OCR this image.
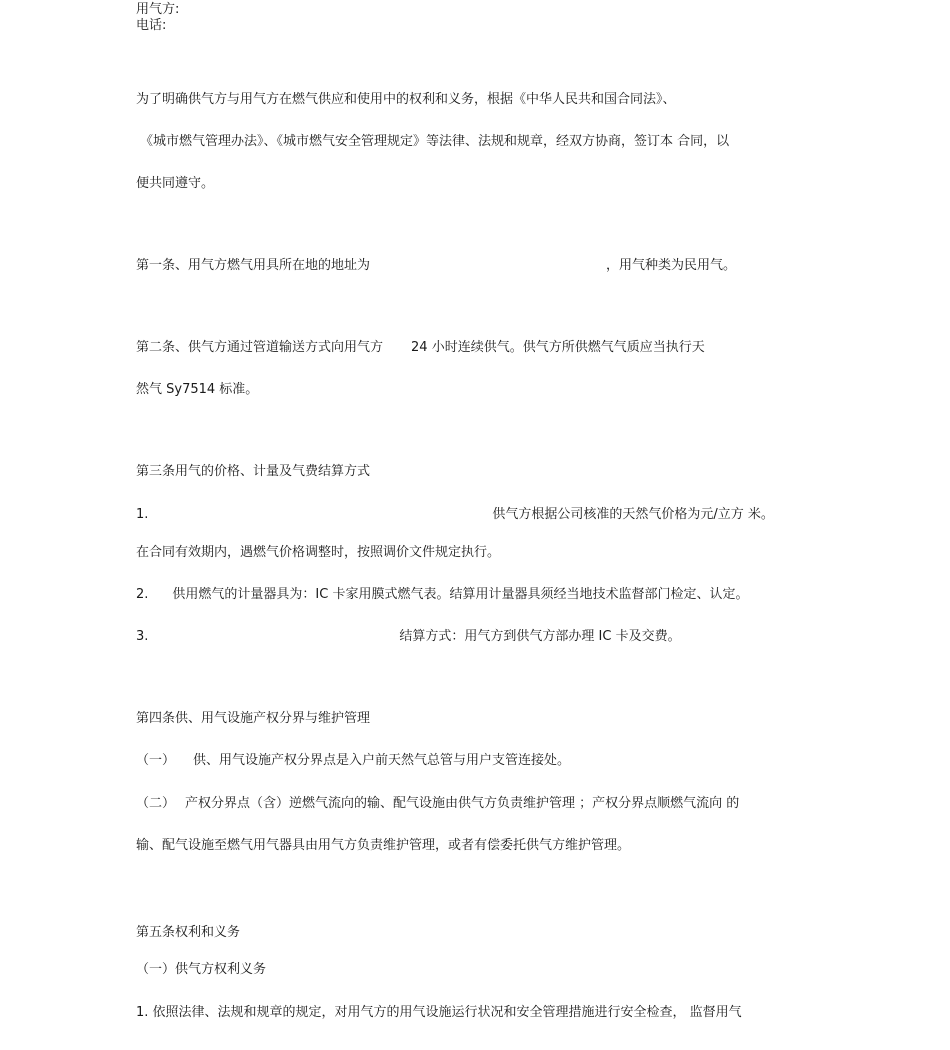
用气方:
电话:
为了明确供气方与用气方在燃气供应和使用中的权利和义务，根据《中华人民共和国合同法》、
《城市燃气管理办法》、《城市燃气安全管理规定》等法律、法规和规章，经双方协商，签订本 合同，以
便共同遵守。
第一条、用气方燃气用具所在地的地址为	，用气种类为民用气。
第二条、供气方通过管道输送方式向用气方 24 小时连续供气。供气方所供燃气气质应当执行天
然气 Sy7514 标准。
第三条用气的价格、计量及气费结算方式
1.	供气方根据公司核准的天然气价格为元/立方 米。
在合同有效期内，遇燃气价格调整时，按照调价文件规定执行。
2. 供用燃气的计量器具为：IC 卡家用膜式燃气表。结算用计量器具须经当地技术监督部门检定、认定。
3.	结算方式：用气方到供气方部办理 IC 卡及交费。
第四条供、用气设施产权分界与维护管理
（一） 供、用气设施产权分界点是入户前天然气总管与用户支管连接处。
（二） 产权分界点（含）逆燃气流向的输、配气设施由供气方负责维护管理 ；产权分界点顺燃气流向 的
输、配气设施至燃气用气器具由用气方负责维护管理，或者有偿委托供气方维护管理。
第五条权利和义务
（一）供气方权利义务
1. 依照法律、法规和规章的规定，对用气方的用气设施运行状况和安全管理措施进行安全检查， 监督用气
